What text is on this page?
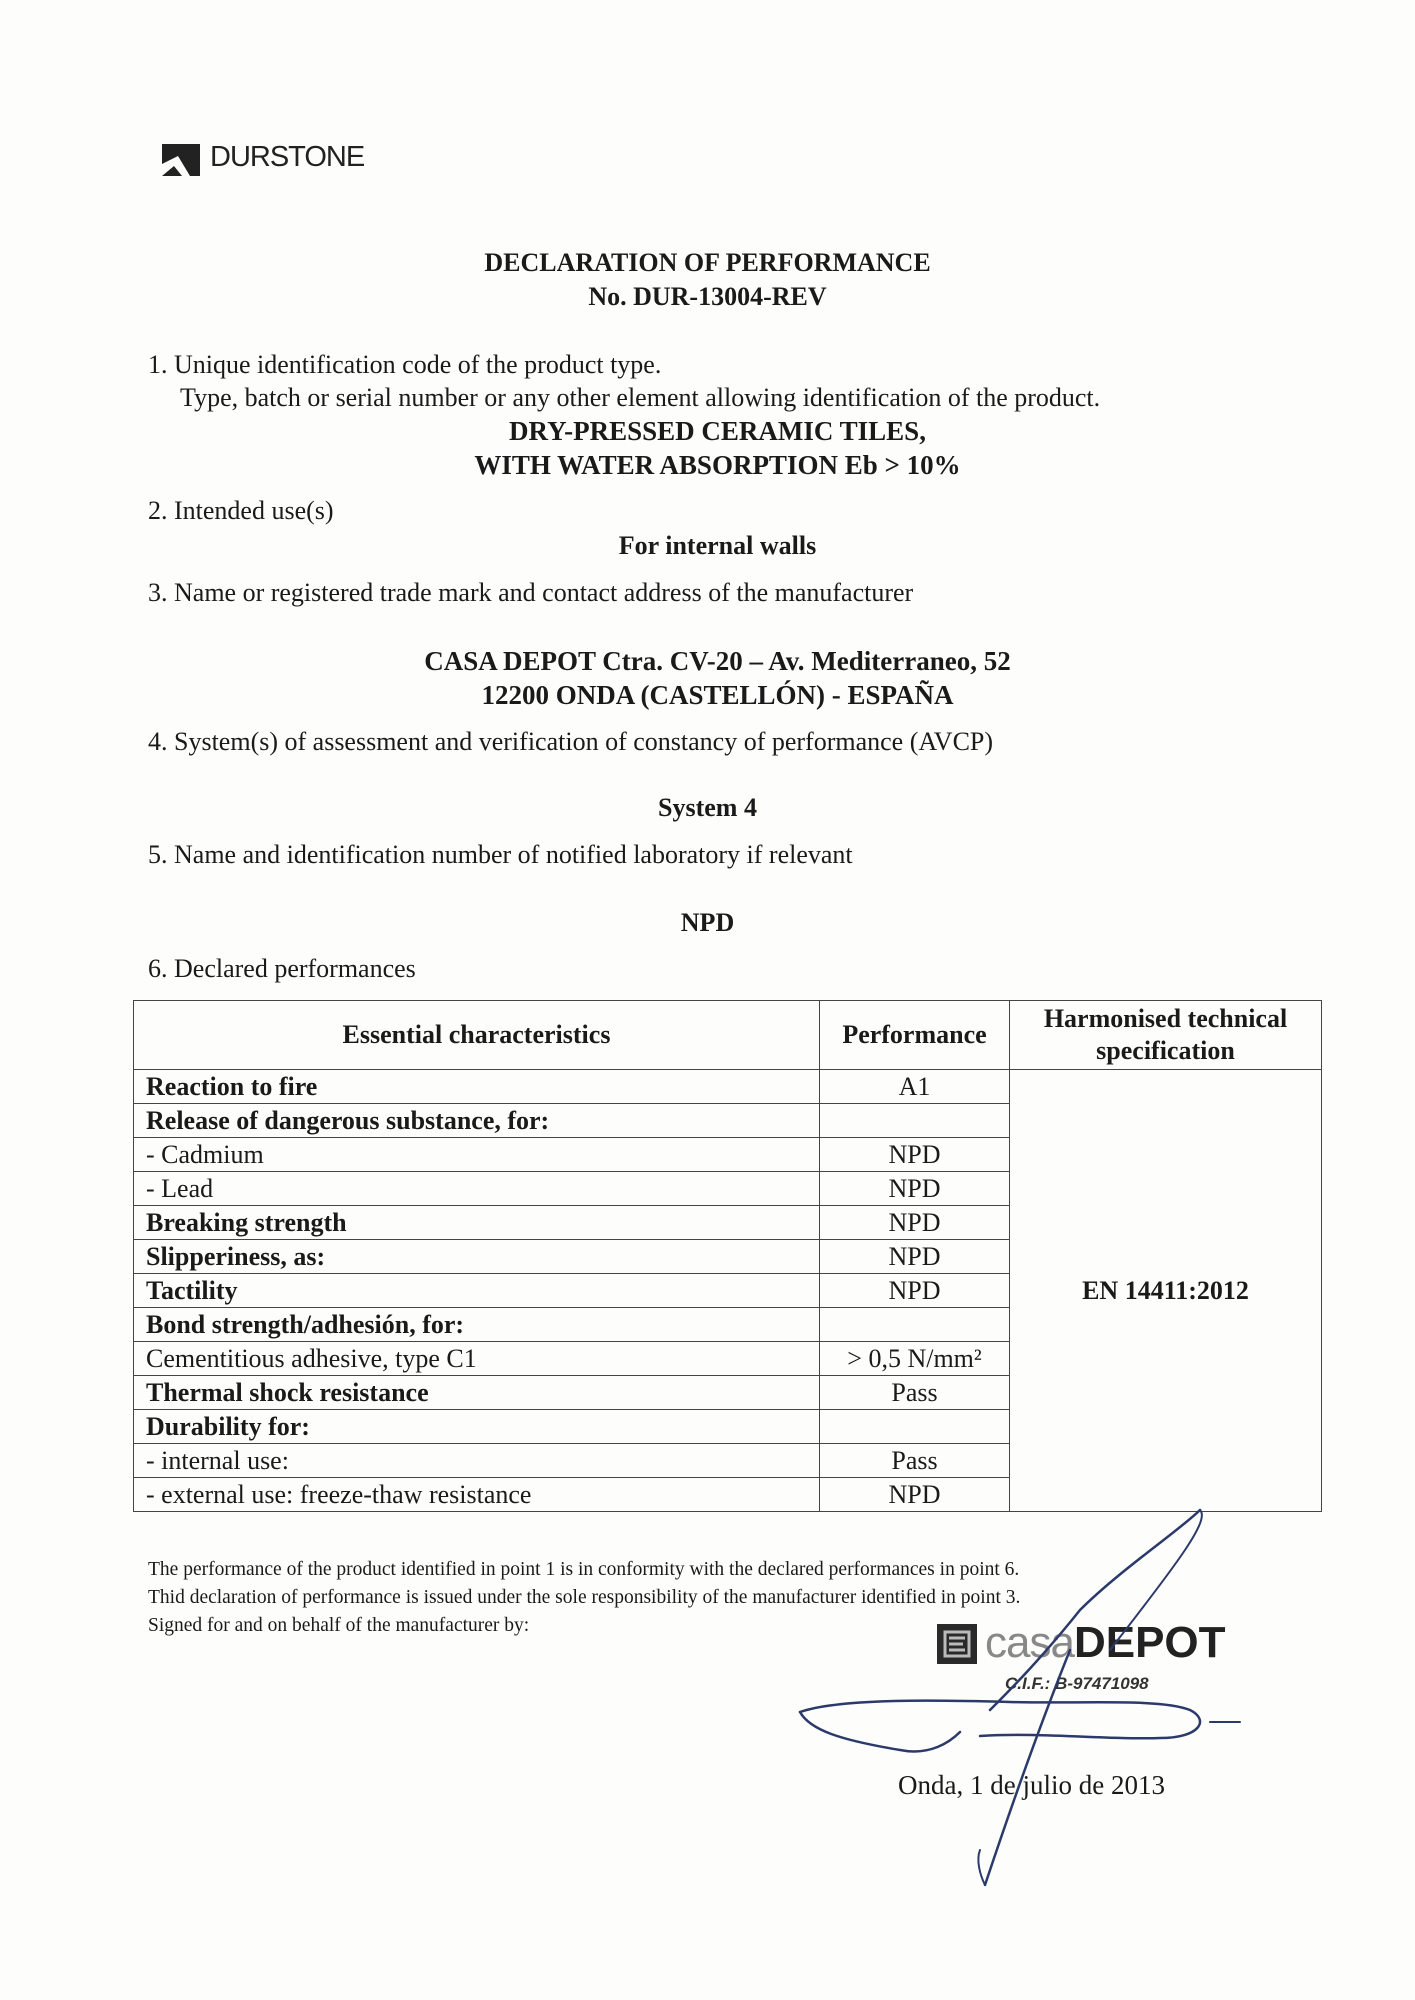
DURSTONE
DECLARATION OF PERFORMANCE
No. DUR-13004-REV
1. Unique identification code of the product type.
Type, batch or serial number or any other element allowing identification of the product.
DRY-PRESSED CERAMIC TILES,
WITH WATER ABSORPTION Eb > 10%
2. Intended use(s)
For internal walls
3. Name or registered trade mark and contact address of the manufacturer
CASA DEPOT Ctra. CV-20 – Av. Mediterraneo, 52
12200 ONDA (CASTELLÓN) - ESPAÑA
4. System(s) of assessment and verification of constancy of performance (AVCP)
System 4
5. Name and identification number of notified laboratory if relevant
NPD
6. Declared performances
Essential characteristics	Performance	Harmonised technical specification
Reaction to fire	A1	EN 14411:2012
Release of dangerous substance, for:		
- Cadmium	NPD	
- Lead	NPD	
Breaking strength	NPD	
Slipperiness, as:	NPD	
Tactility	NPD	
Bond strength/adhesión, for:		
Cementitious adhesive, type C1	> 0,5 N/mm²	
Thermal shock resistance	Pass	
Durability for:		
- internal use:	Pass	
- external use: freeze-thaw resistance	NPD	
The performance of the product identified in point 1 is in conformity with the declared performances in point 6.
Thid declaration of performance is issued under the sole responsibility of the manufacturer identified in point 3.
Signed for and on behalf of the manufacturer by:	casaDEPOT
C.I.F.: B-97471098
Onda, 1 de julio de 2013
